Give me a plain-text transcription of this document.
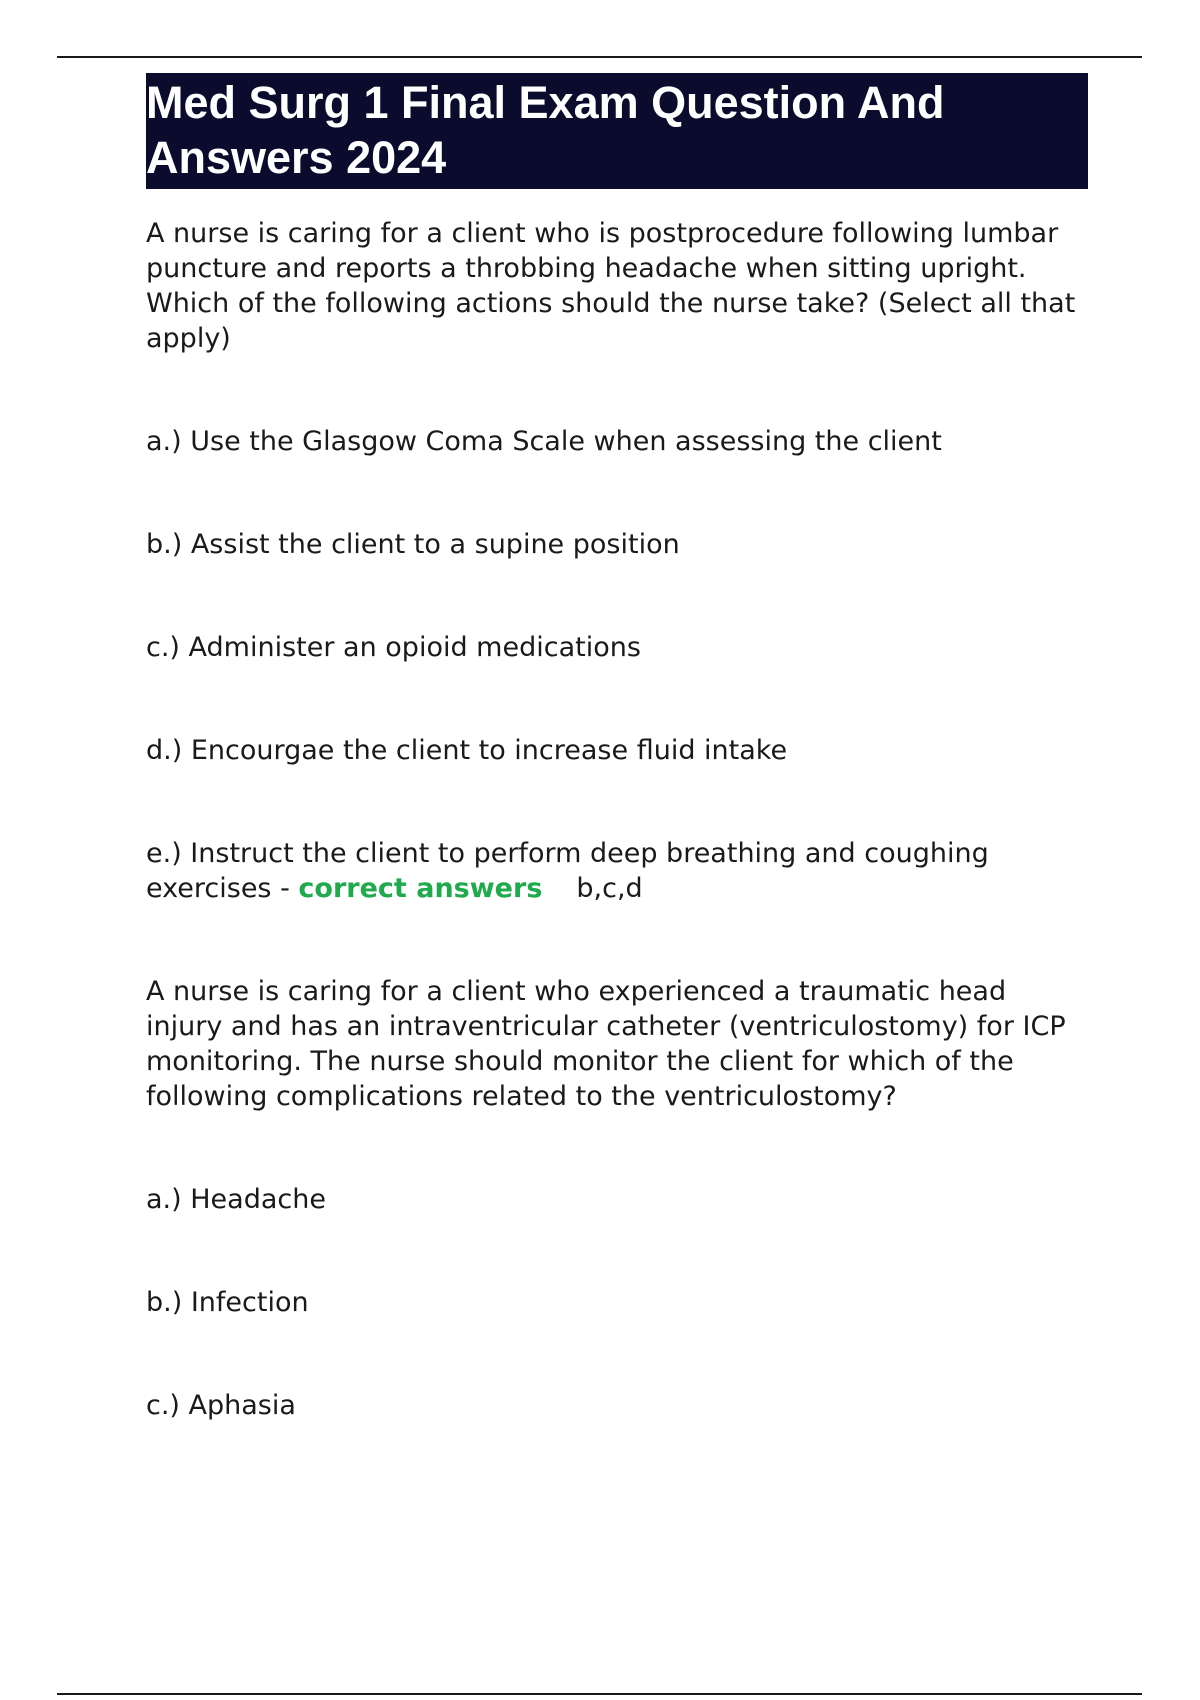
Med Surg 1 Final Exam Question And
Answers 2024

A nurse is caring for a client who is postprocedure following lumbar puncture and reports a throbbing headache when sitting upright. Which of the following actions should the nurse take? (Select all that apply)

a.) Use the Glasgow Coma Scale when assessing the client

b.) Assist the client to a supine position

c.) Administer an opioid medications

d.) Encourgae the client to increase fluid intake

e.) Instruct the client to perform deep breathing and coughing exercises - correct answers b,c,d

A nurse is caring for a client who experienced a traumatic head injury and has an intraventricular catheter (ventriculostomy) for ICP monitoring. The nurse should monitor the client for which of the following complications related to the ventriculostomy?

a.) Headache

b.) Infection

c.) Aphasia
